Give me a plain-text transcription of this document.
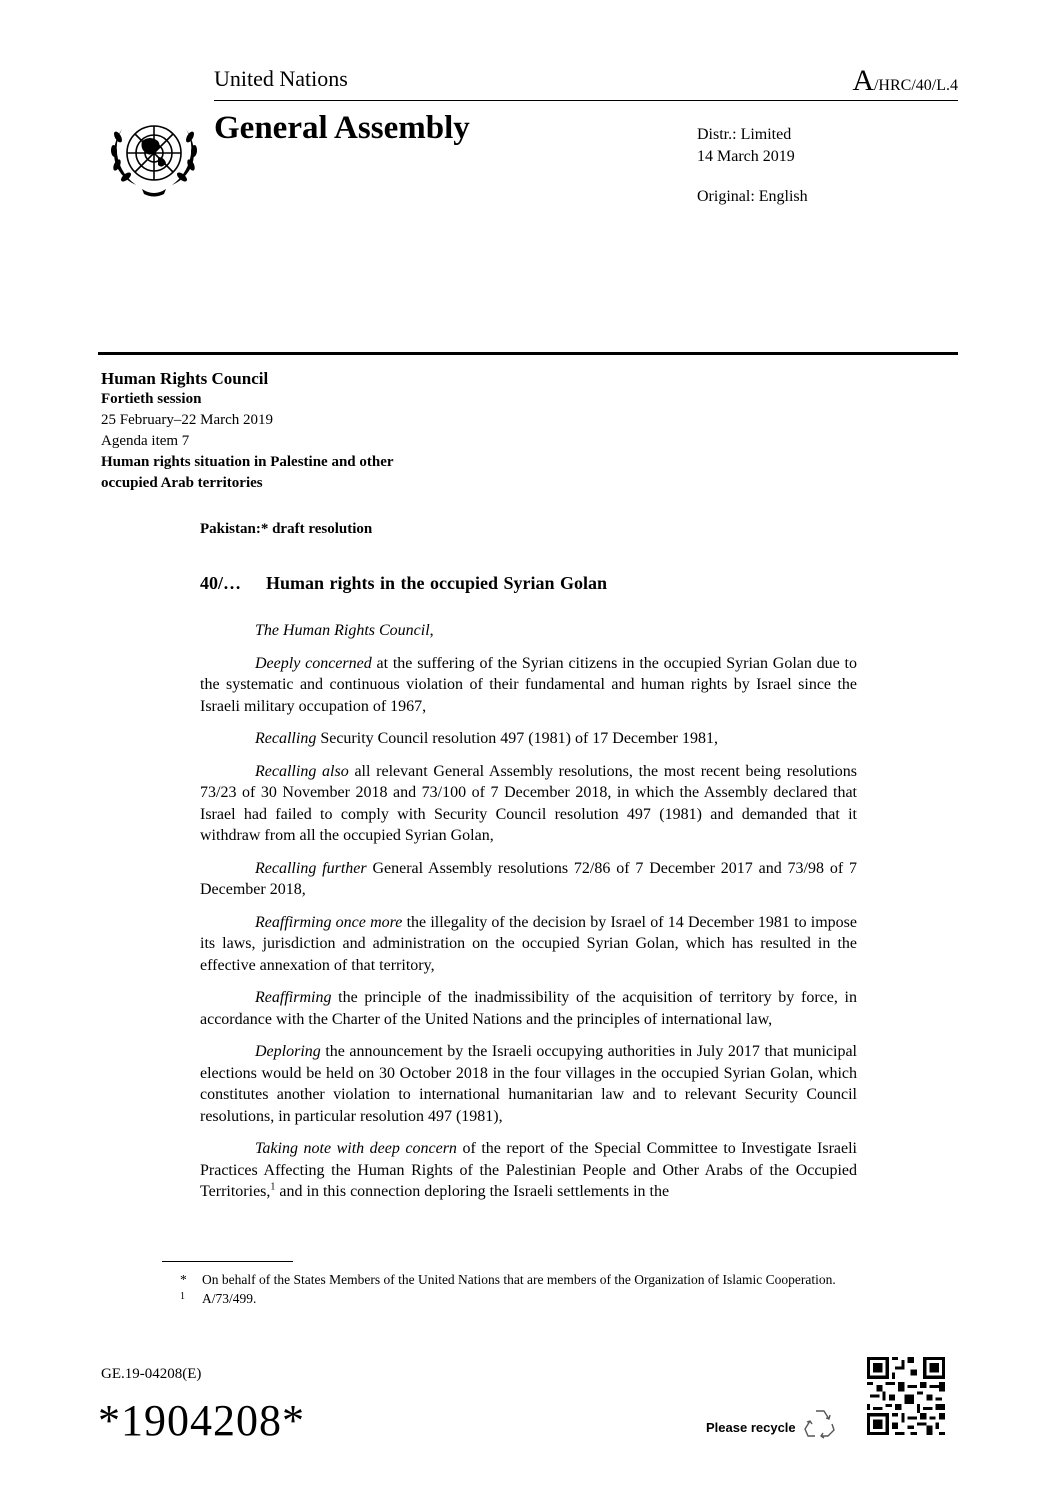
United Nations	A/HRC/40/L.4
General Assembly	Distr.: Limited
14 March 2019
Original: English
Human Rights Council
Fortieth session
25 February–22 March 2019
Agenda item 7
Human rights situation in Palestine and other
occupied Arab territories
Pakistan:* draft resolution
40/… Human rights in the occupied Syrian Golan

The Human Rights Council,

Deeply concerned at the suffering of the Syrian citizens in the occupied Syrian Golan due to the systematic and continuous violation of their fundamental and human rights by Israel since the Israeli military occupation of 1967,

Recalling Security Council resolution 497 (1981) of 17 December 1981,

Recalling also all relevant General Assembly resolutions, the most recent being resolutions 73/23 of 30 November 2018 and 73/100 of 7 December 2018, in which the Assembly declared that Israel had failed to comply with Security Council resolution 497 (1981) and demanded that it withdraw from all the occupied Syrian Golan,

Recalling further General Assembly resolutions 72/86 of 7 December 2017 and 73/98 of 7 December 2018,

Reaffirming once more the illegality of the decision by Israel of 14 December 1981 to impose its laws, jurisdiction and administration on the occupied Syrian Golan, which has resulted in the effective annexation of that territory,

Reaffirming the principle of the inadmissibility of the acquisition of territory by force, in accordance with the Charter of the United Nations and the principles of international law,

Deploring the announcement by the Israeli occupying authorities in July 2017 that municipal elections would be held on 30 October 2018 in the four villages in the occupied Syrian Golan, which constitutes another violation to international humanitarian law and to relevant Security Council resolutions, in particular resolution 497 (1981),

Taking note with deep concern of the report of the Special Committee to Investigate Israeli Practices Affecting the Human Rights of the Palestinian People and Other Arabs of the Occupied Territories,$^1$ and in this connection deploring the Israeli settlements in the

* On behalf of the States Members of the United Nations that are members of the Organization of Islamic Cooperation.
1 A/73/499.
GE.19-04208(E)
*1904208*	Please recycle
